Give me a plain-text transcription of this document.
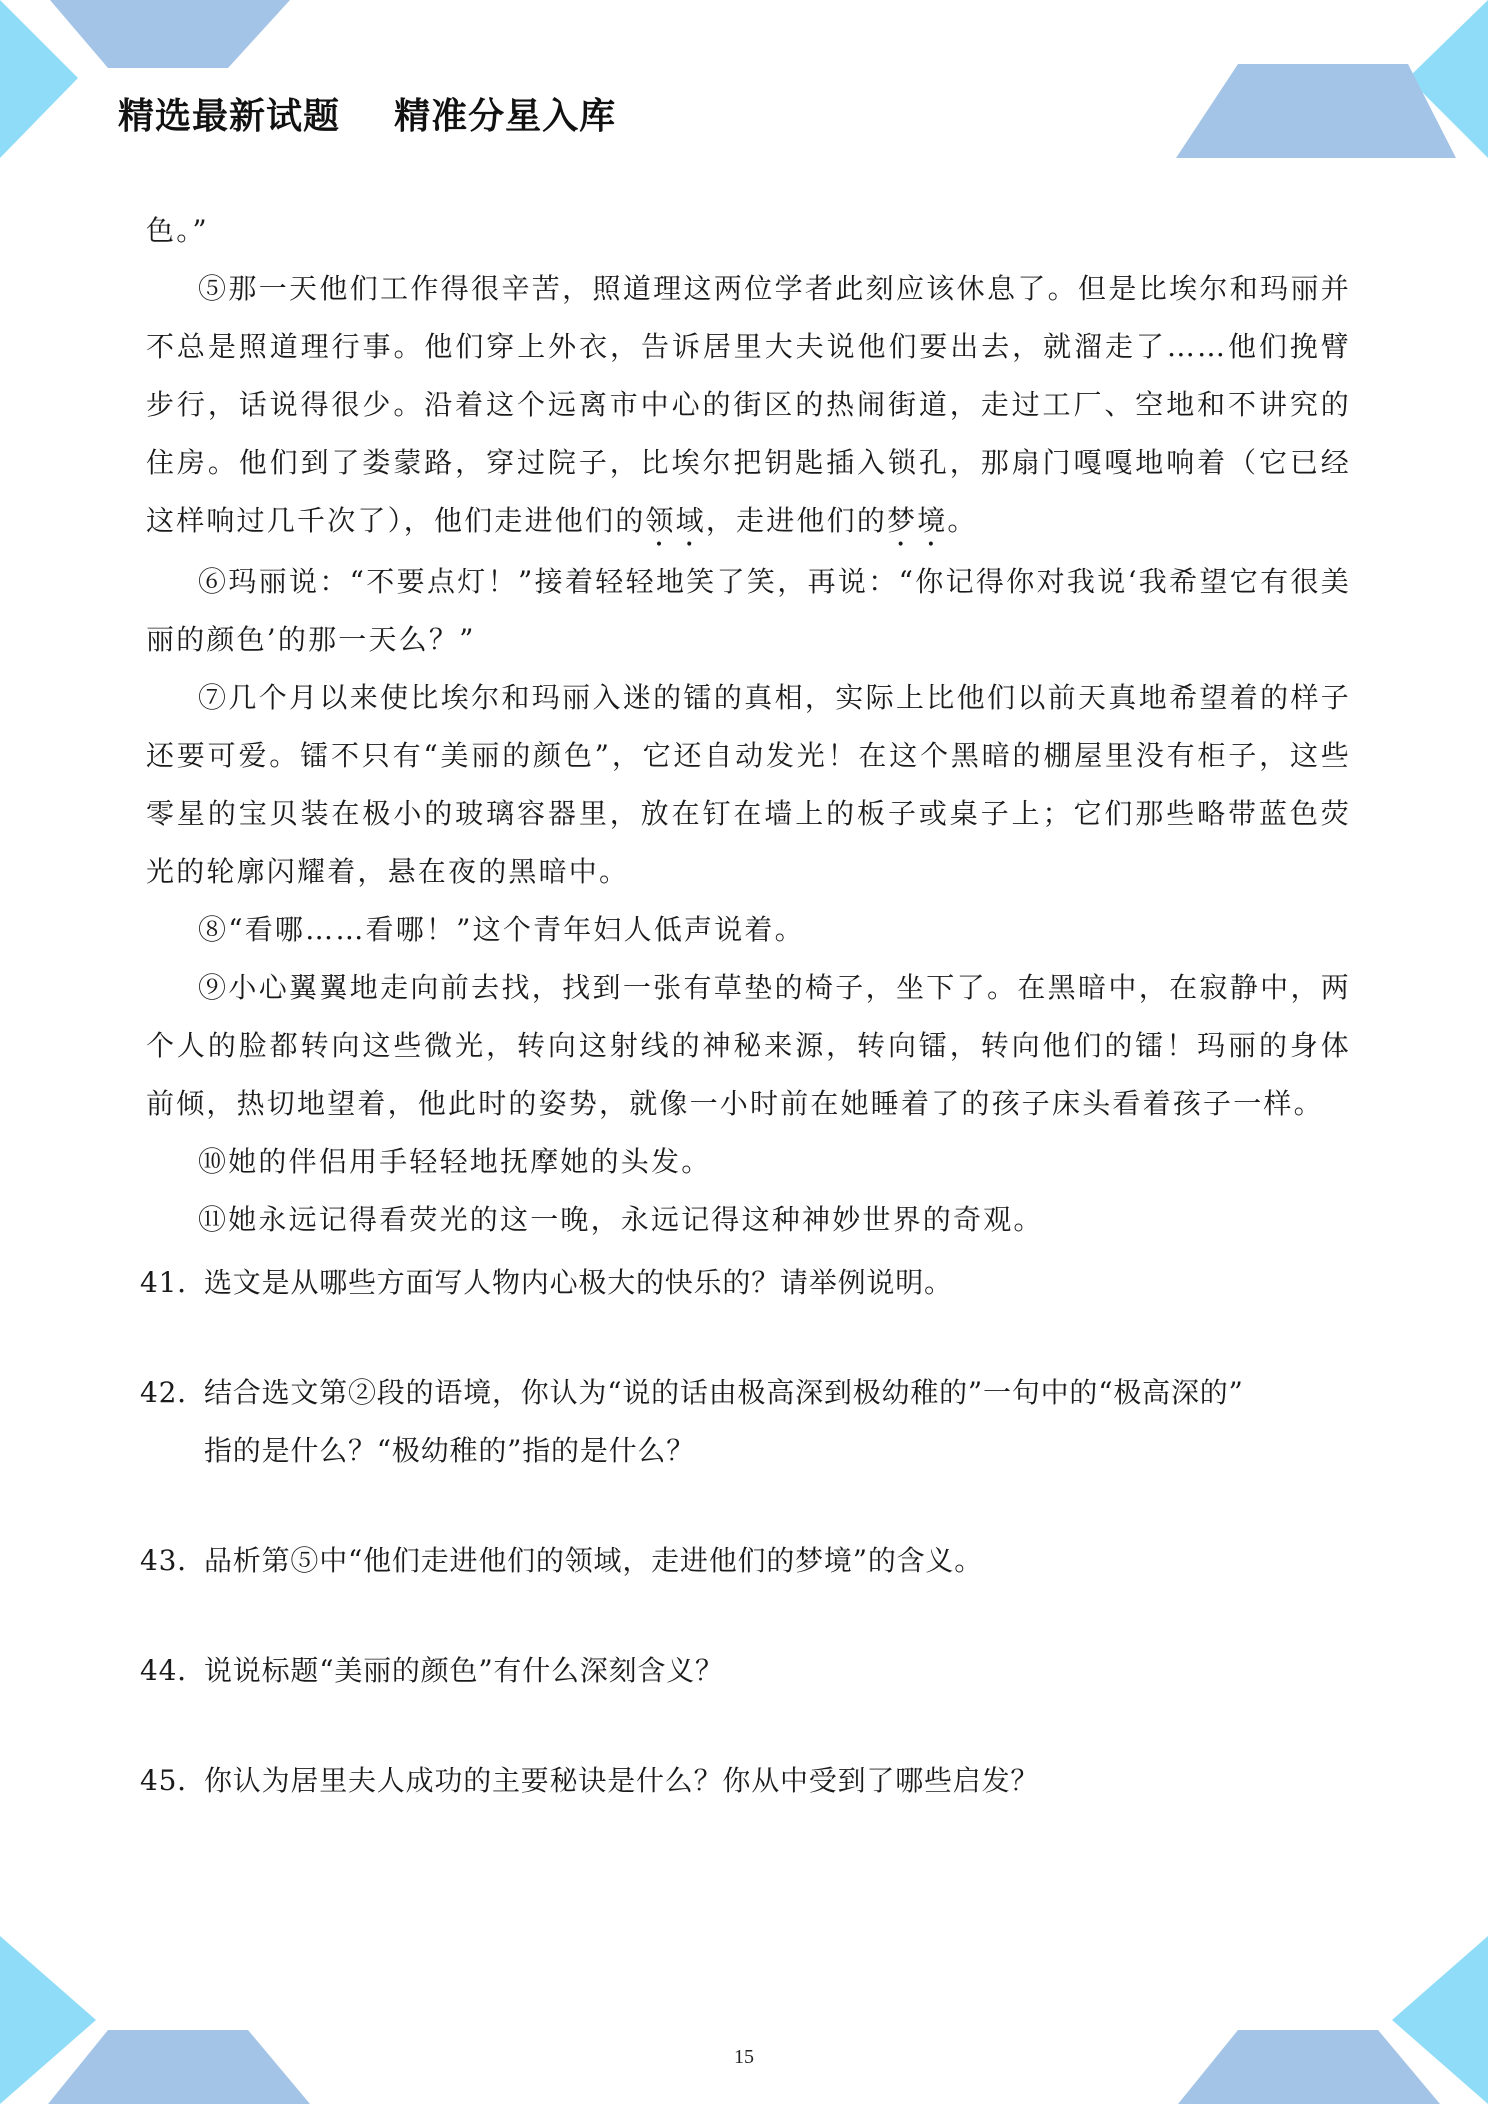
精选最新试题    精准分星入库

色。”

⑤那一天他们工作得很辛苦，照道理这两位学者此刻应该休息了。但是比埃尔和玛丽并不总是照道理行事。他们穿上外衣，告诉居里大夫说他们要出去，就溜走了……他们挽臂步行，话说得很少。沿着这个远离市中心的街区的热闹街道，走过工厂、空地和不讲究的住房。他们到了娄蒙路，穿过院子，比埃尔把钥匙插入锁孔，那扇门嘎嘎地响着（它已经这样响过几千次了），他们走进他们的领域，走进他们的梦境。

⑥玛丽说：“不要点灯！”接着轻轻地笑了笑，再说：“你记得你对我说‘我希望它有很美丽的颜色’的那一天么？”

⑦几个月以来使比埃尔和玛丽入迷的镭的真相，实际上比他们以前天真地希望着的样子还要可爱。镭不只有“美丽的颜色”，它还自动发光！在这个黑暗的棚屋里没有柜子，这些零星的宝贝装在极小的玻璃容器里，放在钉在墙上的板子或桌子上；它们那些略带蓝色荧光的轮廓闪耀着，悬在夜的黑暗中。

⑧“看哪……看哪！”这个青年妇人低声说着。

⑨小心翼翼地走向前去找，找到一张有草垫的椅子，坐下了。在黑暗中，在寂静中，两个人的脸都转向这些微光，转向这射线的神秘来源，转向镭，转向他们的镭！玛丽的身体前倾，热切地望着，他此时的姿势，就像一小时前在她睡着了的孩子床头看着孩子一样。

⑩她的伴侣用手轻轻地抚摩她的头发。

⑪她永远记得看荧光的这一晚，永远记得这种神妙世界的奇观。

41．选文是从哪些方面写人物内心极大的快乐的？请举例说明。

42．结合选文第②段的语境，你认为“说的话由极高深到极幼稚的”一句中的“极高深的”
指的是什么？“极幼稚的”指的是什么？

43．品析第⑤中“他们走进他们的领域，走进他们的梦境”的含义。

44．说说标题“美丽的颜色”有什么深刻含义？

45．你认为居里夫人成功的主要秘诀是什么？你从中受到了哪些启发？

15
